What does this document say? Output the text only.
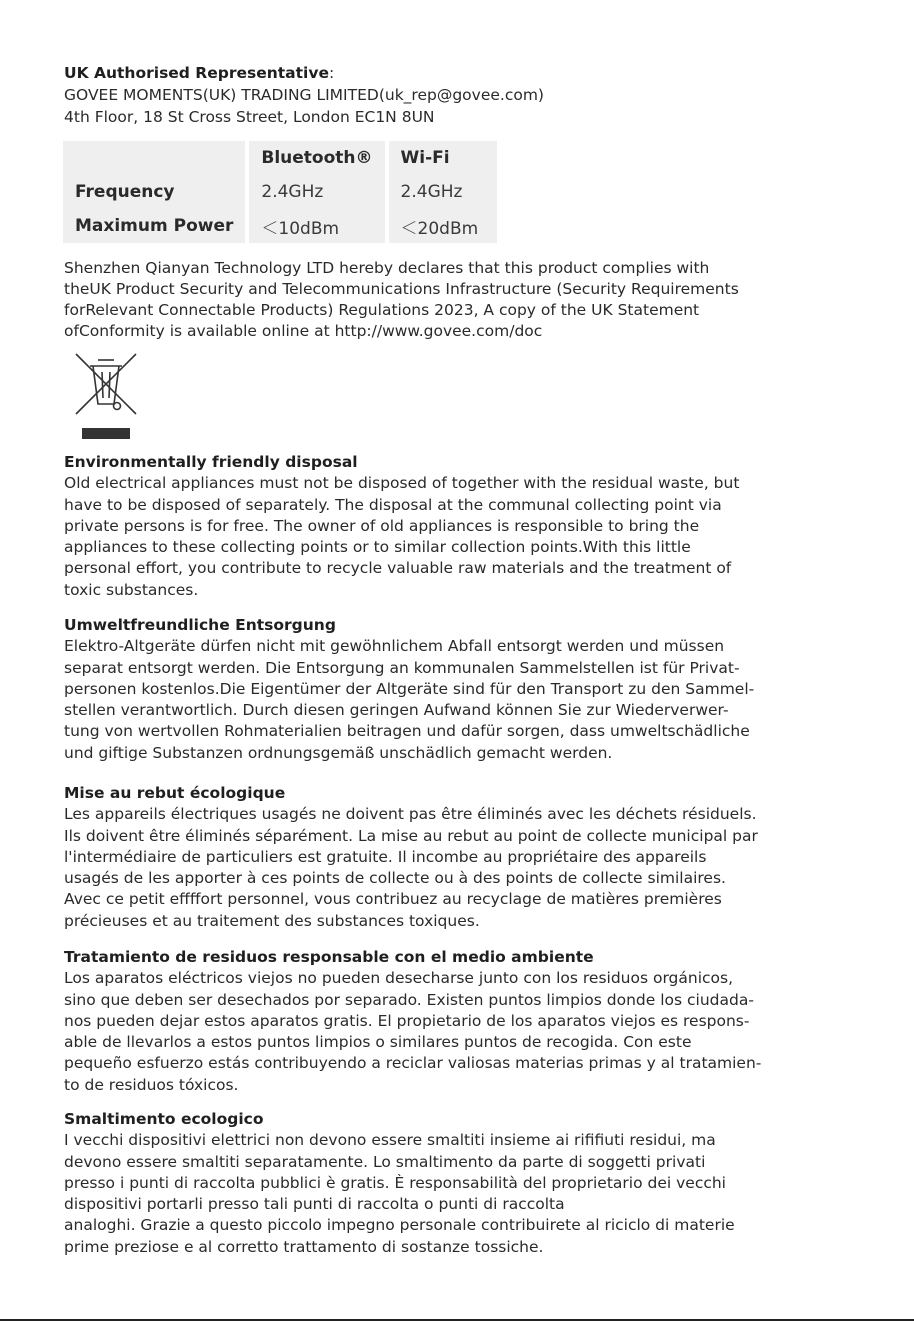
UK Authorised Representative:
GOVEE MOMENTS(UK) TRADING LIMITED(uk_rep@govee.com)
4th Floor, 18 St Cross Street, London EC1N 8UN
	Bluetooth®	Wi-Fi
Frequency	2.4GHz	2.4GHz
Maximum Power	＜10dBm	＜20dBm
Shenzhen Qianyan Technology LTD hereby declares that this product complies with
theUK Product Security and Telecommunications Infrastructure (Security Requirements
forRelevant Connectable Products) Regulations 2023, A copy of the UK Statement
ofConformity is available online at http://www.govee.com/doc
Environmentally friendly disposal
Old electrical appliances must not be disposed of together with the residual waste, but
have to be disposed of separately. The disposal at the communal collecting point via
private persons is for free. The owner of old appliances is responsible to bring the
appliances to these collecting points or to similar collection points.With this little
personal effort, you contribute to recycle valuable raw materials and the treatment of
toxic substances.
Umweltfreundliche Entsorgung
Elektro-Altgeräte dürfen nicht mit gewöhnlichem Abfall entsorgt werden und müssen
separat entsorgt werden. Die Entsorgung an kommunalen Sammelstellen ist für Privat-
personen kostenlos.Die Eigentümer der Altgeräte sind für den Transport zu den Sammel-
stellen verantwortlich. Durch diesen geringen Aufwand können Sie zur Wiederverwer-
tung von wertvollen Rohmaterialien beitragen und dafür sorgen, dass umweltschädliche
und giftige Substanzen ordnungsgemäß unschädlich gemacht werden.
Mise au rebut écologique
Les appareils électriques usagés ne doivent pas être éliminés avec les déchets résiduels.
Ils doivent être éliminés séparément. La mise au rebut au point de collecte municipal par
l'intermédiaire de particuliers est gratuite. Il incombe au propriétaire des appareils
usagés de les apporter à ces points de collecte ou à des points de collecte similaires.
Avec ce petit effffort personnel, vous contribuez au recyclage de matières premières
précieuses et au traitement des substances toxiques.
Tratamiento de residuos responsable con el medio ambiente
Los aparatos eléctricos viejos no pueden desecharse junto con los residuos orgánicos,
sino que deben ser desechados por separado. Existen puntos limpios donde los ciudada-
nos pueden dejar estos aparatos gratis. El propietario de los aparatos viejos es respons-
able de llevarlos a estos puntos limpios o similares puntos de recogida. Con este
pequeño esfuerzo estás contribuyendo a reciclar valiosas materias primas y al tratamien-
to de residuos tóxicos.
Smaltimento ecologico
I vecchi dispositivi elettrici non devono essere smaltiti insieme ai rififiuti residui, ma
devono essere smaltiti separatamente. Lo smaltimento da parte di soggetti privati
presso i punti di raccolta pubblici è gratis. È responsabilità del proprietario dei vecchi
dispositivi portarli presso tali punti di raccolta o punti di raccolta
analoghi. Grazie a questo piccolo impegno personale contribuirete al riciclo di materie
prime preziose e al corretto trattamento di sostanze tossiche.
